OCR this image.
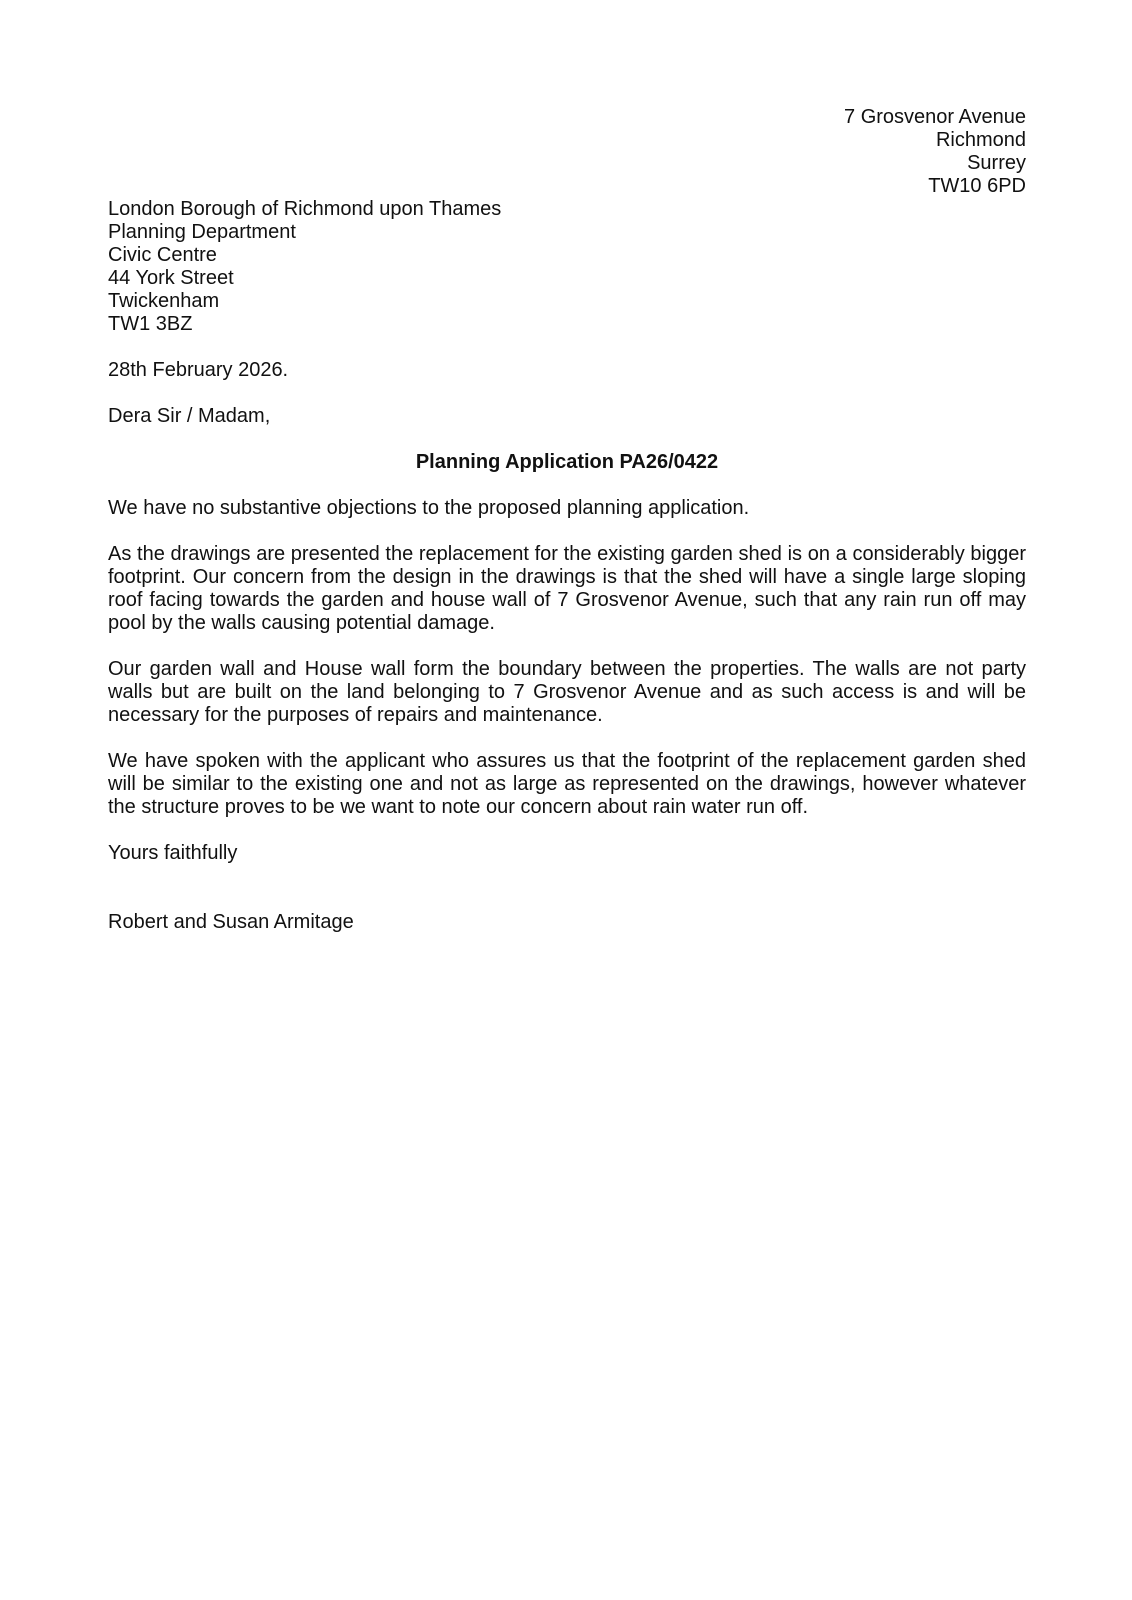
7 Grosvenor Avenue
Richmond
Surrey
TW10 6PD
London Borough of Richmond upon Thames
Planning Department
Civic Centre
44 York Street
Twickenham
TW1 3BZ
28th February 2026.
Dera Sir / Madam,
Planning Application PA26/0422

We have no substantive objections to the proposed planning application.

As the drawings are presented the replacement for the existing garden shed is on a considerably bigger footprint. Our concern from the design in the drawings is that the shed will have a single large sloping roof facing towards the garden and house wall of 7 Grosvenor Avenue, such that any rain run off may pool by the walls causing potential damage.

Our garden wall and House wall form the boundary between the properties. The walls are not party walls but are built on the land belonging to 7 Grosvenor Avenue and as such access is and will be necessary for the purposes of repairs and maintenance.

We have spoken with the applicant who assures us that the footprint of the replacement garden shed will be similar to the existing one and not as large as represented on the drawings, however whatever the structure proves to be we want to note our concern about rain water run off.

Yours faithfully
Robert and Susan Armitage
